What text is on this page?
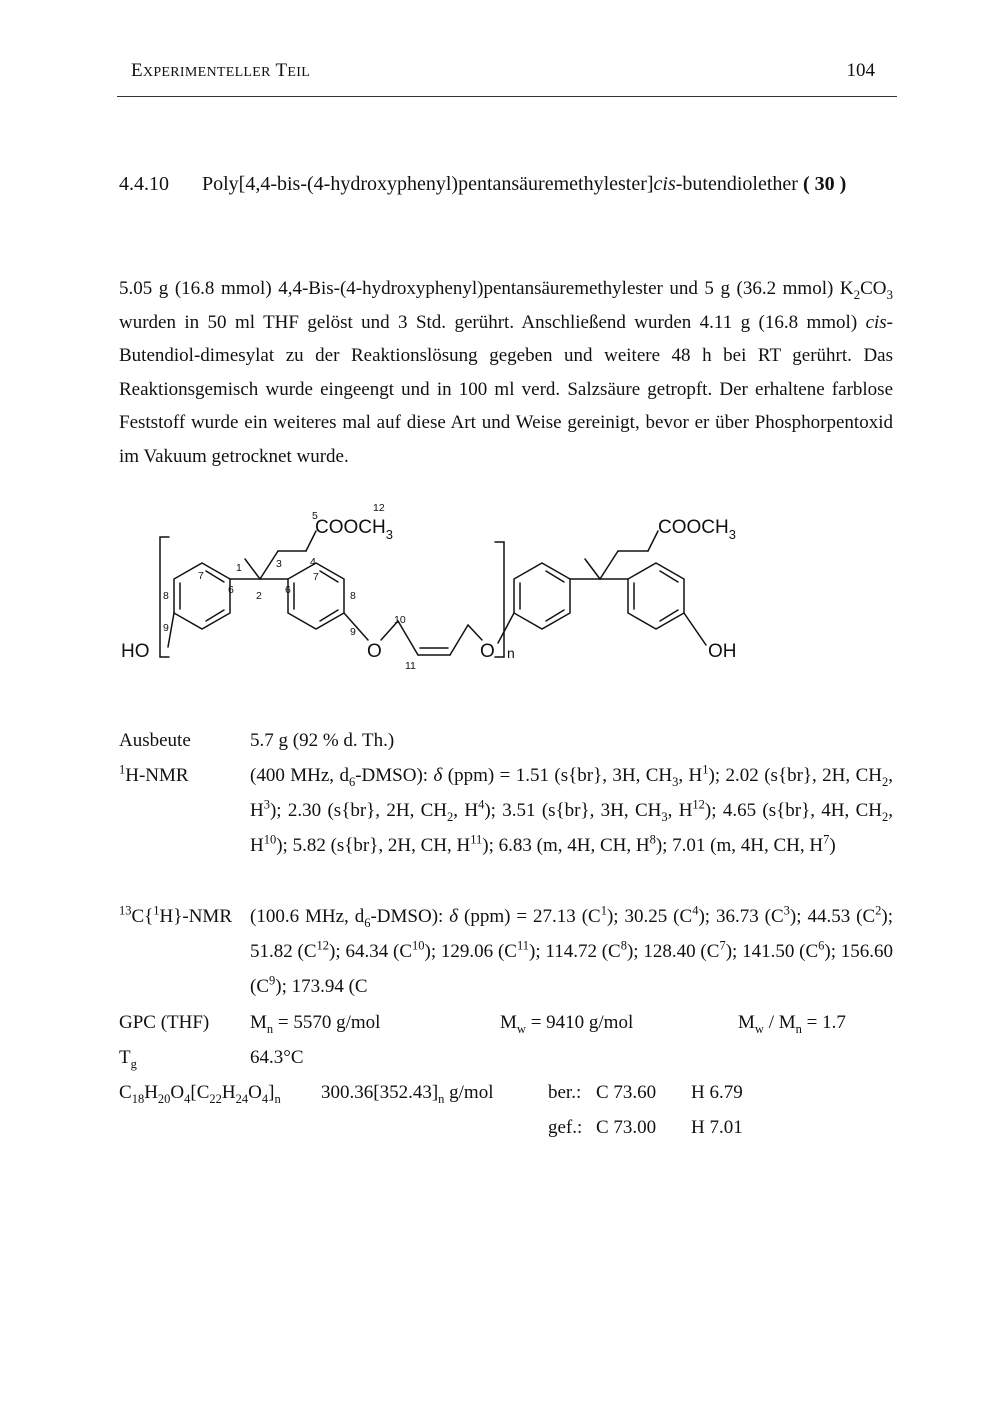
EXPERIMENTELLER TEIL	104
4.4.10 Poly[4,4-bis-(4-hydroxyphenyl)pentansäuremethylester]cis-butendiolether ( 30 )

5.05 g (16.8 mmol) 4,4-Bis-(4-hydroxyphenyl)pentansäuremethylester und 5 g (36.2 mmol) $K_2CO_3$ wurden in 50 ml THF gelöst und 3 Std. gerührt. Anschließend wurden 4.11 g (16.8 mmol) cis-Butendiol-dimesylat zu der Reaktionslösung gegeben und weitere 48 h bei RT gerührt. Das Reaktionsgemisch wurde eingeengt und in 100 ml verd. Salzsäure getropft. Der erhaltene farblose Feststoff wurde ein weiteres mal auf diese Art und Weise gereinigt, bevor er über Phosphorpentoxid im Vakuum getrocknet wurde.

$COOCH_3$	$COOCH_3$
HO	OH
O	O n
12
5
3	4
1
7
6 2 6
7
8	8
9
10
9
11
Ausbeute	5.7 g (92 % d. Th.)
$^1$H-NMR	(400 MHz, $d_6-DMSO$): δ (ppm) = 1.51 (s{br}, 3H, $CH_3$, $H^1$); 2.02 (s{br}, 2H, $CH_2$, $H^3$); 2.30 (s{br}, 2H, $CH_2$, $H^4$); 3.51 (s{br}, 3H, $CH_3$, $H^{12}$); 4.65 (s{br}, 4H, $CH_2$, $H^{10}$); 5.82 (s{br}, 2H, CH, $H^{11}$); 6.83 (m, 4H, CH, $H^8$); 7.01 (m, 4H, CH, $H^7$)
$^{13}$C{$^1$H}-NMR (100.6 MHz, $d_6-DMSO$): δ (ppm) = 27.13 $(C^1)$; 30.25 $(C^4)$; 36.73 $(C^3)$; 44.53 $(C^2)$; 51.82 $(C^{12})$; 64.34 $(C^{10})$; 129.06 $(C^{11})$; 114.72 $(C^8)$; 128.40 $(C^7)$; 141.50 $(C^6)$; 156.60 $(C^9)$; 173.94 (C
GPC (THF) $M_n = 5570$ g/mol	$M_w = 9410$ g/mol	$M_w / M_n = 1.7$
$T_g$	64.3°C
$C_{18}H_{20}O_4[C_{22}H_{24}O_4]_n$ $300.36[352.43]_n$ g/mol	ber.: C 73.60 H 6.79
gef.: C 73.00 H 7.01
